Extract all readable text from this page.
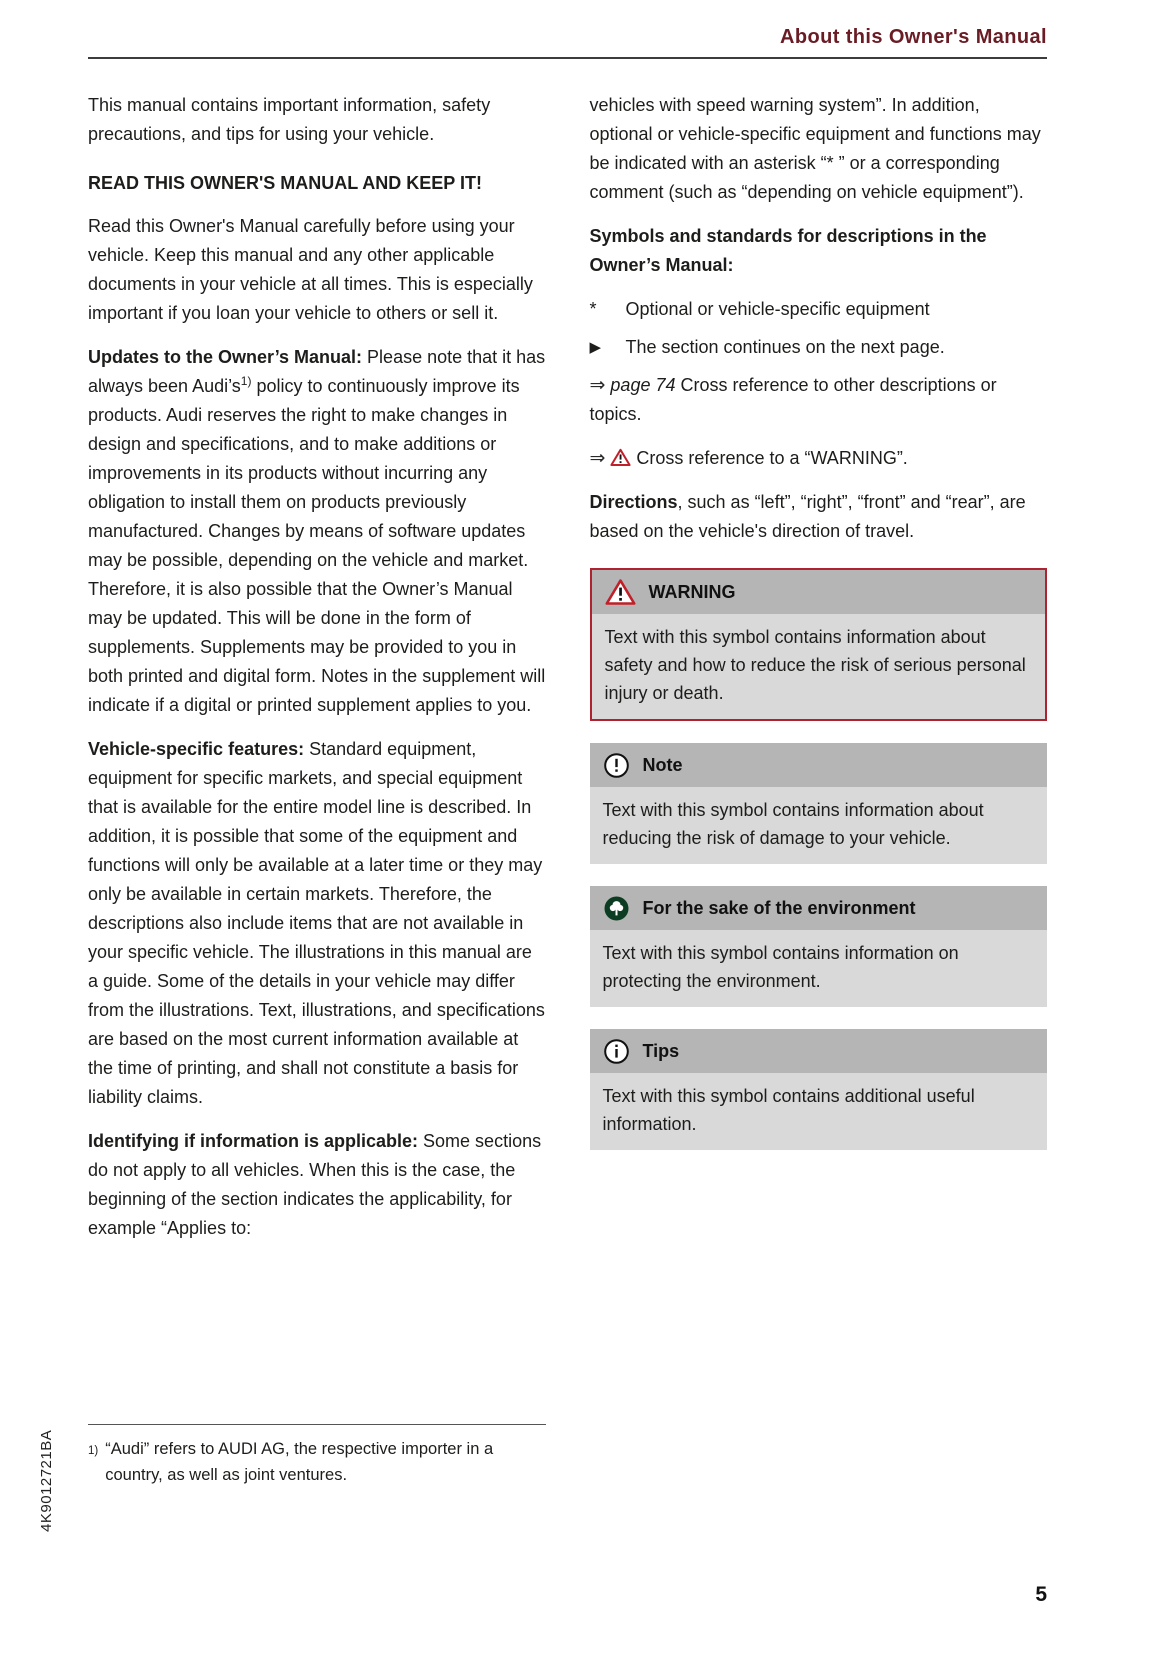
About this Owner's Manual

This manual contains important information, safety precautions, and tips for using your vehicle.

READ THIS OWNER'S MANUAL AND KEEP IT!

Read this Owner's Manual carefully before using your vehicle. Keep this manual and any other applicable documents in your vehicle at all times. This is especially important if you loan your vehicle to others or sell it.

Updates to the Owner’s Manual: Please note that it has always been Audi’s$^{1)}$ policy to continuously improve its products. Audi reserves the right to make changes in design and specifications, and to make additions or improvements in its products without incurring any obligation to install them on products previously manufactured. Changes by means of software updates may be possible, depending on the vehicle and market. Therefore, it is also possible that the Owner’s Manual may be updated. This will be done in the form of supplements. Supplements may be provided to you in both printed and digital form. Notes in the supplement will indicate if a digital or printed supplement applies to you.

Vehicle-specific features: Standard equipment, equipment for specific markets, and special equipment that is available for the entire model line is described. In addition, it is possible that some of the equipment and functions will only be available at a later time or they may only be available in certain markets. Therefore, the descriptions also include items that are not available in your specific vehicle. The illustrations in this manual are a guide. Some of the details in your vehicle may differ from the illustrations. Text, illustrations, and specifications are based on the most current information available at the time of printing, and shall not constitute a basis for liability claims.

Identifying if information is applicable: Some sections do not apply to all vehicles. When this is the case, the beginning of the section indicates the applicability, for example “Applies to:

vehicles with speed warning system”. In addition, optional or vehicle-specific equipment and functions may be indicated with an asterisk “* ” or a corresponding comment (such as “depending on vehicle equipment”).

Symbols and standards for descriptions in the Owner’s Manual:

*	Optional or vehicle-specific equipment
▶	The section continues on the next page.

⇒ page 74 Cross reference to other descriptions or topics.

⇒ Cross reference to a “WARNING”.

Directions, such as “left”, “right”, “front” and “rear”, are based on the vehicle's direction of travel.

WARNING
Text with this symbol contains information about safety and how to reduce the risk of serious personal injury or death.
Note
Text with this symbol contains information about reducing the risk of damage to your vehicle.
For the sake of the environment
Text with this symbol contains information on protecting the environment.
Tips
Text with this symbol contains additional useful information.
1) “Audi” refers to AUDI AG, the respective importer in a country, as well as joint ventures.
4K9012721BA
5
